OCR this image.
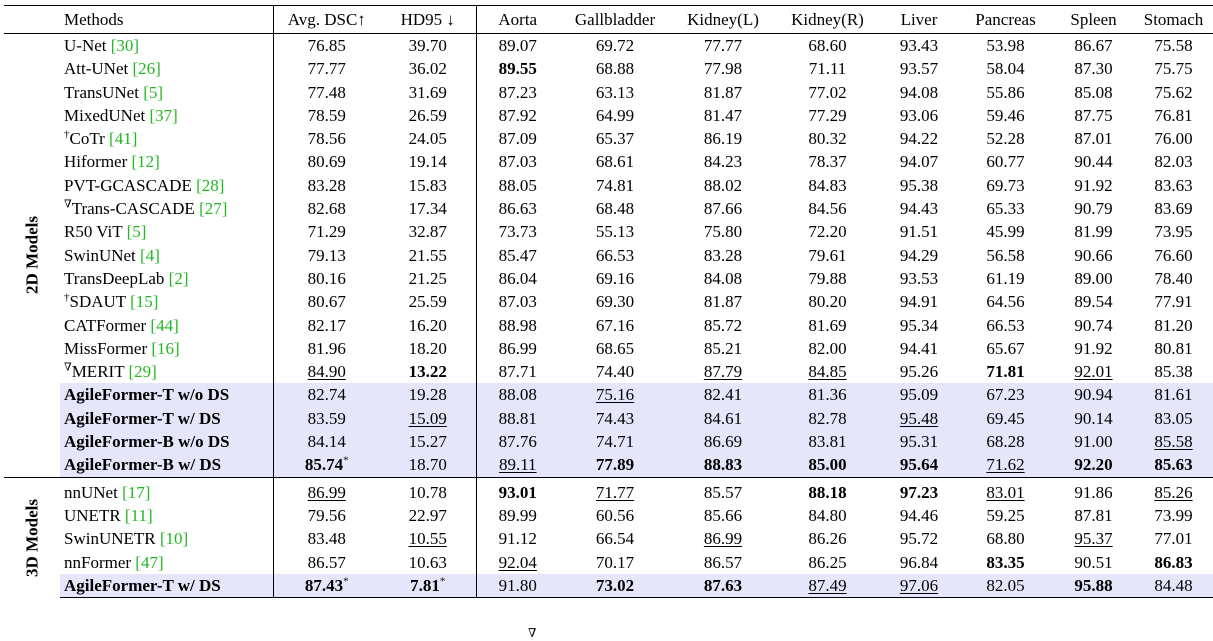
	Methods	Avg. DSC↑	HD95 ↓	Aorta	Gallbladder	Kidney(L)	Kidney(R)	Liver	Pancreas	Spleen	Stomach

2D Models	U-Net [30]	76.85	39.70	89.07	69.72	77.77	68.60	93.43	53.98	86.67	75.58
	Att-UNet [26]	77.77	36.02	89.55	68.88	77.98	71.11	93.57	58.04	87.30	75.75
	TransUNet [5]	77.48	31.69	87.23	63.13	81.87	77.02	94.08	55.86	85.08	75.62
	MixedUNet [37]	78.59	26.59	87.92	64.99	81.47	77.29	93.06	59.46	87.75	76.81
	†CoTr [41]	78.56	24.05	87.09	65.37	86.19	80.32	94.22	52.28	87.01	76.00
	Hiformer [12]	80.69	19.14	87.03	68.61	84.23	78.37	94.07	60.77	90.44	82.03
	PVT-GCASCADE [28]	83.28	15.83	88.05	74.81	88.02	84.83	95.38	69.73	91.92	83.63
	∇Trans-CASCADE [27]	82.68	17.34	86.63	68.48	87.66	84.56	94.43	65.33	90.79	83.69
	R50 ViT [5]	71.29	32.87	73.73	55.13	75.80	72.20	91.51	45.99	81.99	73.95
	SwinUNet [4]	79.13	21.55	85.47	66.53	83.28	79.61	94.29	56.58	90.66	76.60
	TransDeepLab [2]	80.16	21.25	86.04	69.16	84.08	79.88	93.53	61.19	89.00	78.40
	†SDAUT [15]	80.67	25.59	87.03	69.30	81.87	80.20	94.91	64.56	89.54	77.91
	CATFormer [44]	82.17	16.20	88.98	67.16	85.72	81.69	95.34	66.53	90.74	81.20
	MissFormer [16]	81.96	18.20	86.99	68.65	85.21	82.00	94.41	65.67	91.92	80.81
	∇MERIT [29]	84.90	13.22	87.71	74.40	87.79	84.85	95.26	71.81	92.01	85.38
	AgileFormer-T w/o DS	82.74	19.28	88.08	75.16	82.41	81.36	95.09	67.23	90.94	81.61
	AgileFormer-T w/ DS	83.59	15.09	88.81	74.43	84.61	82.78	95.48	69.45	90.14	83.05
	AgileFormer-B w/o DS	84.14	15.27	87.76	74.71	86.69	83.81	95.31	68.28	91.00	85.58
	AgileFormer-B w/ DS	85.74*	18.70	89.11	77.89	88.83	85.00	95.64	71.62	92.20	85.63

3D Models	nnUNet [17]	86.99	10.78	93.01	71.77	85.57	88.18	97.23	83.01	91.86	85.26
	UNETR [11]	79.56	22.97	89.99	60.56	85.66	84.80	94.46	59.25	87.81	73.99
	SwinUNETR [10]	83.48	10.55	91.12	66.54	86.99	86.26	95.72	68.80	95.37	77.01
	nnFormer [47]	86.57	10.63	92.04	70.17	86.57	86.25	96.84	83.35	90.51	86.83
	AgileFormer-T w/ DS	87.43*	7.81*	91.80	73.02	87.63	87.49	97.06	82.05	95.88	84.48
∇
